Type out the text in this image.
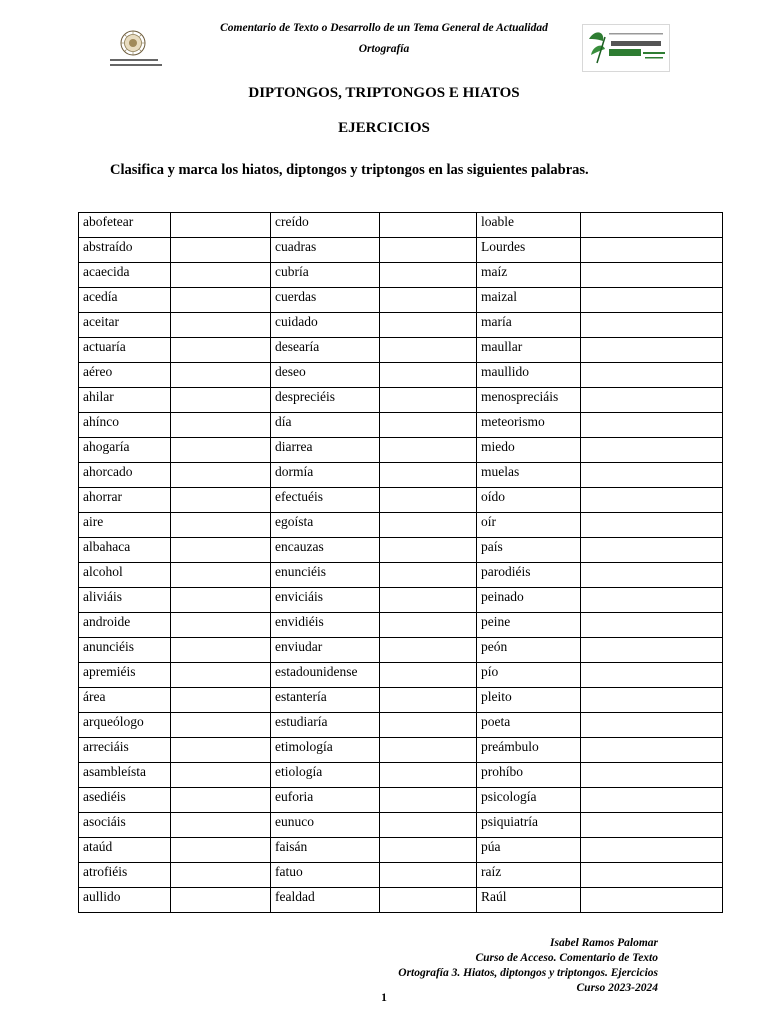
Comentario de Texto o Desarrollo de un Tema General de Actualidad
Ortografía
DIPTONGOS, TRIPTONGOS E HIATOS
EJERCICIOS
Clasifica y marca los hiatos, diptongos y triptongos en las siguientes palabras.
abofetear		creído		loable	
abstraído		cuadras		Lourdes	
acaecida		cubría		maíz	
acedía		cuerdas		maizal	
aceitar		cuidado		maría	
actuaría		desearía		maullar	
aéreo		deseo		maullido	
ahilar		despreciéis		menospreciáis	
ahínco		día		meteorismo	
ahogaría		diarrea		miedo	
ahorcado		dormía		muelas	
ahorrar		efectuéis		oído	
aire		egoísta		oír	
albahaca		encauzas		país	
alcohol		enunciéis		parodiéis	
aliviáis		enviciáis		peinado	
androide		envidiéis		peine	
anunciéis		enviudar		peón	
apremiéis		estadounidense		pío	
área		estantería		pleito	
arqueólogo		estudiaría		poeta	
arreciáis		etimología		preámbulo	
asambleísta		etiología		prohíbo	
asediéis		euforia		psicología	
asociáis		eunuco		psiquiatría	
ataúd		faisán		púa	
atrofiéis		fatuo		raíz	
aullido		fealdad		Raúl	
Isabel Ramos Palomar
Curso de Acceso. Comentario de Texto
Ortografía 3. Hiatos, diptongos y triptongos. Ejercicios
Curso 2023-2024
1
